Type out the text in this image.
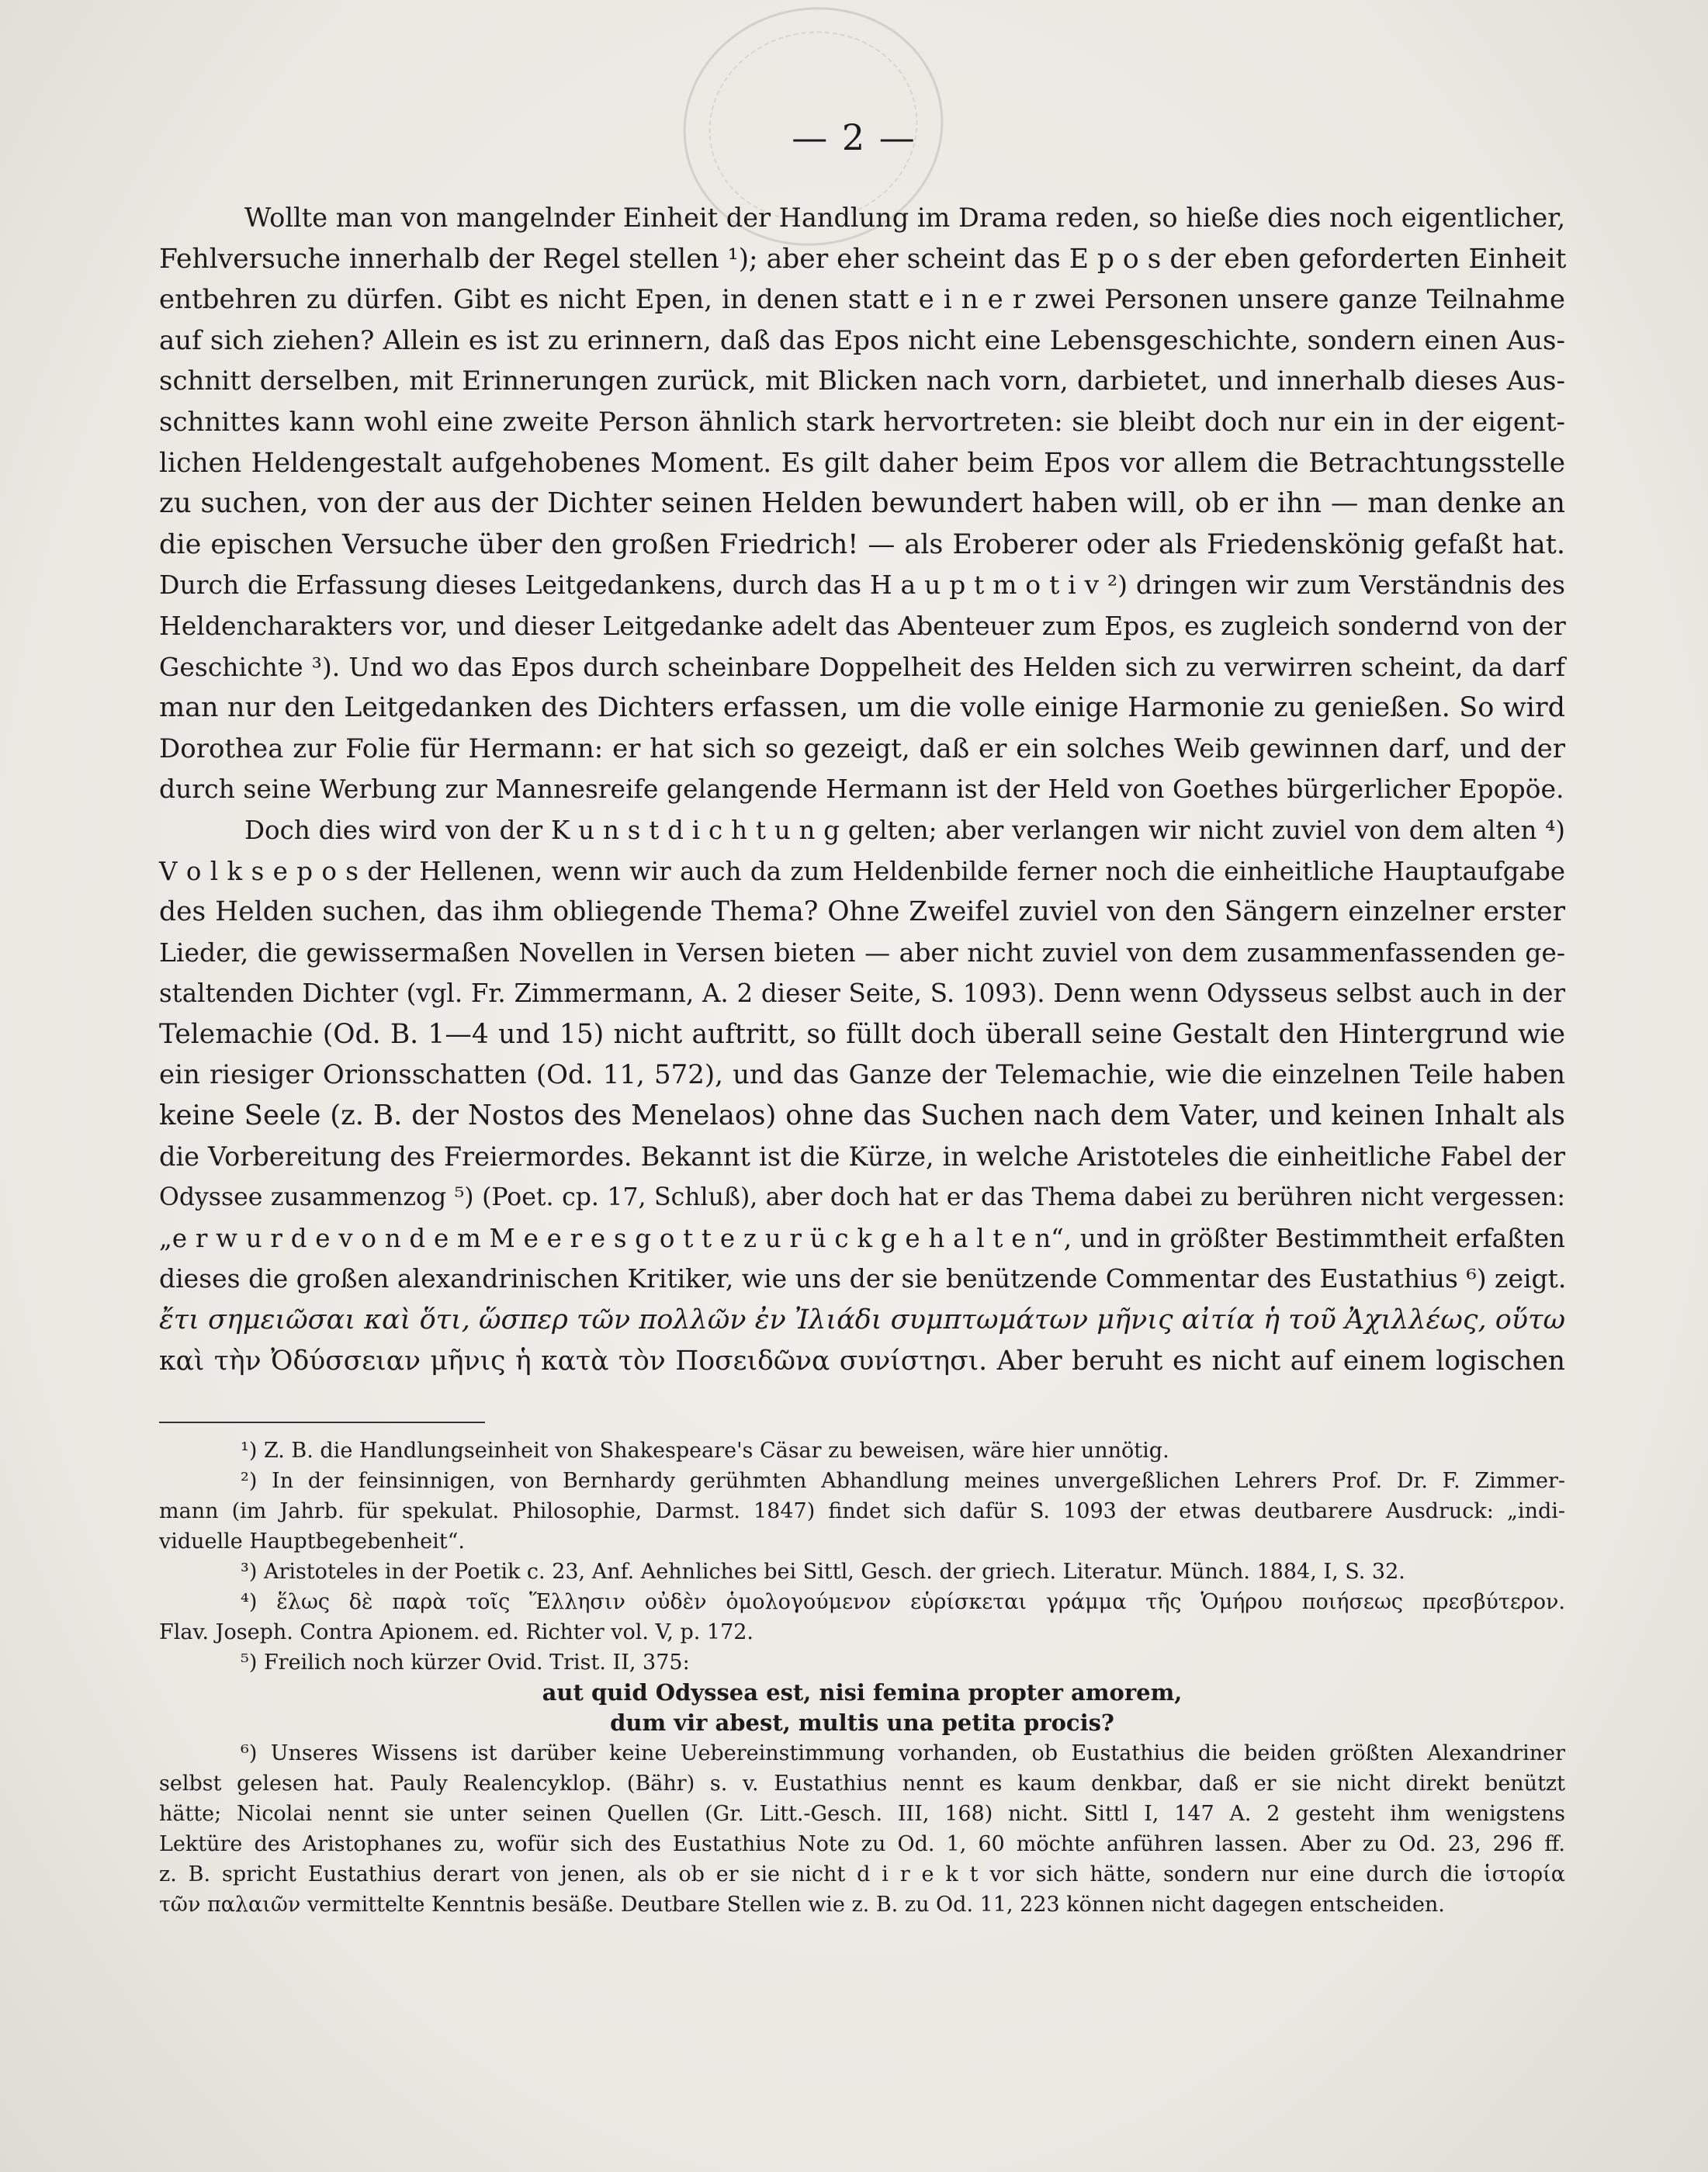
— 2 —
Wollte man von mangelnder Einheit der Handlung im Drama reden, so hieße dies noch eigentlicher,
Fehlversuche innerhalb der Regel stellen ¹); aber eher scheint das E p o s der eben geforderten Einheit
entbehren zu dürfen. Gibt es nicht Epen, in denen statt e i n e r zwei Personen unsere ganze Teilnahme
auf sich ziehen? Allein es ist zu erinnern, daß das Epos nicht eine Lebensgeschichte, sondern einen Aus-
schnitt derselben, mit Erinnerungen zurück, mit Blicken nach vorn, darbietet, und innerhalb dieses Aus-
schnittes kann wohl eine zweite Person ähnlich stark hervortreten: sie bleibt doch nur ein in der eigent-
lichen Heldengestalt aufgehobenes Moment. Es gilt daher beim Epos vor allem die Betrachtungsstelle
zu suchen, von der aus der Dichter seinen Helden bewundert haben will, ob er ihn — man denke an
die epischen Versuche über den großen Friedrich! — als Eroberer oder als Friedenskönig gefaßt hat.
Durch die Erfassung dieses Leitgedankens, durch das H a u p t m o t i v ²) dringen wir zum Verständnis des
Heldencharakters vor, und dieser Leitgedanke adelt das Abenteuer zum Epos, es zugleich sondernd von der
Geschichte ³). Und wo das Epos durch scheinbare Doppelheit des Helden sich zu verwirren scheint, da darf
man nur den Leitgedanken des Dichters erfassen, um die volle einige Harmonie zu genießen. So wird
Dorothea zur Folie für Hermann: er hat sich so gezeigt, daß er ein solches Weib gewinnen darf, und der
durch seine Werbung zur Mannesreife gelangende Hermann ist der Held von Goethes bürgerlicher Epopöe.
Doch dies wird von der K u n s t d i c h t u n g gelten; aber verlangen wir nicht zuviel von dem alten ⁴)
V o l k s e p o s der Hellenen, wenn wir auch da zum Heldenbilde ferner noch die einheitliche Hauptaufgabe
des Helden suchen, das ihm obliegende Thema? Ohne Zweifel zuviel von den Sängern einzelner erster
Lieder, die gewissermaßen Novellen in Versen bieten — aber nicht zuviel von dem zusammenfassenden ge-
staltenden Dichter (vgl. Fr. Zimmermann, A. 2 dieser Seite, S. 1093). Denn wenn Odysseus selbst auch in der
Telemachie (Od. B. 1—4 und 15) nicht auftritt, so füllt doch überall seine Gestalt den Hintergrund wie
ein riesiger Orionsschatten (Od. 11, 572), und das Ganze der Telemachie, wie die einzelnen Teile haben
keine Seele (z. B. der Nostos des Menelaos) ohne das Suchen nach dem Vater, und keinen Inhalt als
die Vorbereitung des Freiermordes. Bekannt ist die Kürze, in welche Aristoteles die einheitliche Fabel der
Odyssee zusammenzog ⁵) (Poet. cp. 17, Schluß), aber doch hat er das Thema dabei zu berühren nicht vergessen:
„e r w u r d e v o n d e m M e e r e s g o t t e z u r ü c k g e h a l t e n“, und in größter Bestimmtheit erfaßten
dieses die großen alexandrinischen Kritiker, wie uns der sie benützende Commentar des Eustathius ⁶) zeigt.
ἔτι σημειῶσαι καὶ ὅτι, ὥσπερ τῶν πολλῶν ἐν Ἰλιάδι συμπτωμάτων μῆνις αἰτία ἡ τοῦ Ἀχιλλέως, οὕτω
καὶ τὴν Ὀδύσσειαν μῆνις ἡ κατὰ τὸν Ποσειδῶνα συνίστησι. Aber beruht es nicht auf einem logischen
¹) Z. B. die Handlungseinheit von Shakespeare's Cäsar zu beweisen, wäre hier unnötig.
²) In der feinsinnigen, von Bernhardy gerühmten Abhandlung meines unvergeßlichen Lehrers Prof. Dr. F. Zimmer-
mann (im Jahrb. für spekulat. Philosophie, Darmst. 1847) findet sich dafür S. 1093 der etwas deutbarere Ausdruck: „indi-
viduelle Hauptbegebenheit“.
³) Aristoteles in der Poetik c. 23, Anf. Aehnliches bei Sittl, Gesch. der griech. Literatur. Münch. 1884, I, S. 32.
⁴) ἕλως δὲ παρὰ τοῖς Ἕλλησιν οὐδὲν ὁμολογούμενον εὑρίσκεται γράμμα τῆς Ὁμήρου ποιήσεως πρεσβύτερον.
Flav. Joseph. Contra Apionem. ed. Richter vol. V, p. 172.
⁵) Freilich noch kürzer Ovid. Trist. II, 375:
aut quid Odyssea est, nisi femina propter amorem,
dum vir abest, multis una petita procis?
⁶) Unseres Wissens ist darüber keine Uebereinstimmung vorhanden, ob Eustathius die beiden größten Alexandriner
selbst gelesen hat. Pauly Realencyklop. (Bähr) s. v. Eustathius nennt es kaum denkbar, daß er sie nicht direkt benützt
hätte; Nicolai nennt sie unter seinen Quellen (Gr. Litt.-Gesch. III, 168) nicht. Sittl I, 147 A. 2 gesteht ihm wenigstens
Lektüre des Aristophanes zu, wofür sich des Eustathius Note zu Od. 1, 60 möchte anführen lassen. Aber zu Od. 23, 296 ff.
z. B. spricht Eustathius derart von jenen, als ob er sie nicht d i r e k t vor sich hätte, sondern nur eine durch die ἱστορία
τῶν παλαιῶν vermittelte Kenntnis besäße. Deutbare Stellen wie z. B. zu Od. 11, 223 können nicht dagegen entscheiden.
